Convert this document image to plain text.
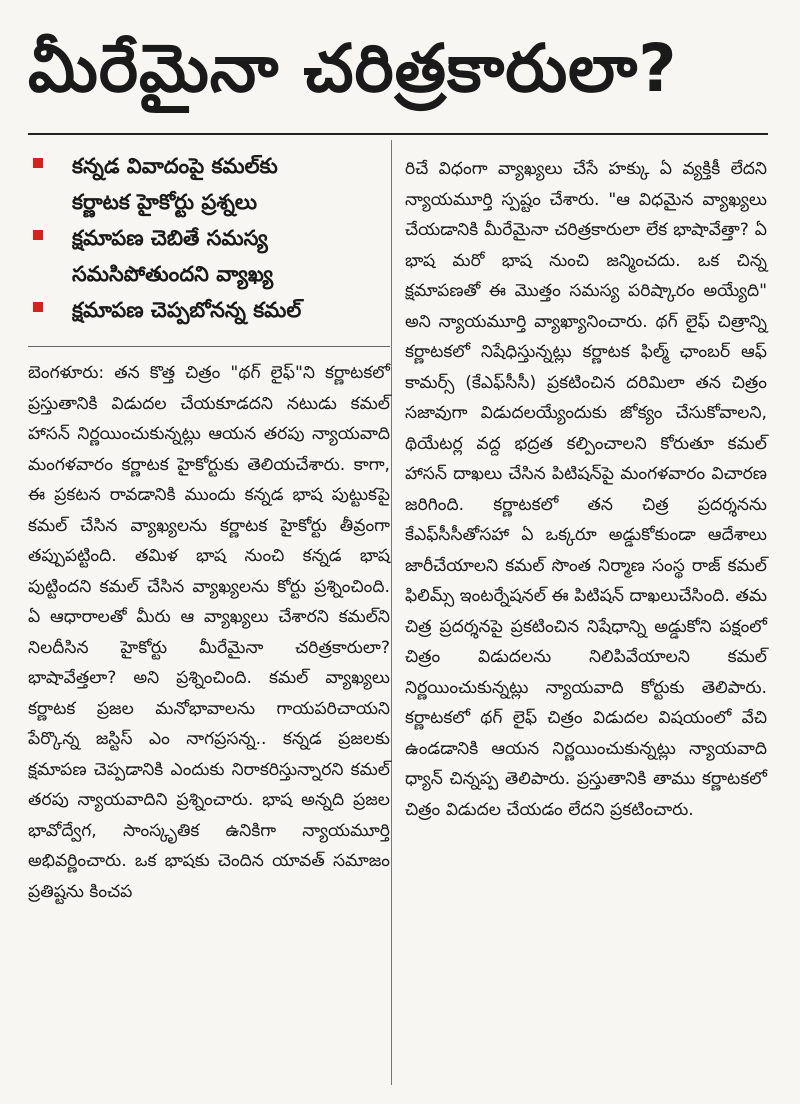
మీరేమైనా చరిత్రకారులా?
కన్నడ వివాదంపై కమల్‌కు
కర్ణాటక హైకోర్టు ప్రశ్నలు
క్షమాపణ చెబితే సమస్య
సమసిపోతుందని వ్యాఖ్య
క్షమాపణ చెప్పబోనన్న కమల్

బెంగళూరు: తన కొత్త చిత్రం "థగ్ లైఫ్"ని కర్ణాటకలో ప్రస్తుతానికి విడుదల చేయకూడదని నటుడు కమల్ హాసన్ నిర్ణయించుకున్నట్లు ఆయన తరపు న్యాయవాది మంగళవారం కర్ణాటక హైకోర్టుకు తెలియచేశారు. కాగా, ఈ ప్రకటన రావడానికి ముందు కన్నడ భాష పుట్టుకపై కమల్ చేసిన వ్యాఖ్యలను కర్ణాటక హైకోర్టు తీవ్రంగా తప్పుపట్టింది. తమిళ భాష నుంచి కన్నడ భాష పుట్టిందని కమల్ చేసిన వ్యాఖ్యలను కోర్టు ప్రశ్నించింది. ఏ ఆధారాలతో మీరు ఆ వ్యాఖ్యలు చేశారని కమల్‌ని నిలదీసిన హైకోర్టు మీరేమైనా చరిత్రకారులా? భాషావేత్తలా? అని ప్రశ్నించింది. కమల్ వ్యాఖ్యలు కర్ణాటక ప్రజల మనోభావాలను గాయపరిచాయని పేర్కొన్న జస్టిస్ ఎం నాగప్రసన్న.. కన్నడ ప్రజలకు క్షమాపణ చెప్పడానికి ఎందుకు నిరాకరిస్తున్నారని కమల్ తరపు న్యాయవాదిని ప్రశ్నించారు. భాష అన్నది ప్రజల భావోద్వేగ, సాంస్కృతిక ఉనికిగా న్యాయమూర్తి అభివర్ణించారు. ఒక భాషకు చెందిన యావత్ సమాజం ప్రతిష్టను కించప

రిచే విధంగా వ్యాఖ్యలు చేసే హక్కు ఏ వ్యక్తికీ లేదని న్యాయమూర్తి స్పష్టం చేశారు. "ఆ విధమైన వ్యాఖ్యలు చేయడానికి మీరేమైనా చరిత్రకారులా లేక భాషావేత్తా? ఏ భాష మరో భాష నుంచి జన్మించదు. ఒక చిన్న క్షమాపణతో ఈ మొత్తం సమస్య పరిష్కారం అయ్యేది" అని న్యాయమూర్తి వ్యాఖ్యానించారు. థగ్ లైఫ్ చిత్రాన్ని కర్ణాటకలో నిషేధిస్తున్నట్లు కర్ణాటక ఫిల్మ్ ఛాంబర్ ఆఫ్ కామర్స్ (కేఎఫ్‌సీసీ) ప్రకటించిన దరిమిలా తన చిత్రం సజావుగా విడుదలయ్యేందుకు జోక్యం చేసుకోవాలని, థియేటర్ల వద్ద భద్రత కల్పించాలని కోరుతూ కమల్ హాసన్ దాఖలు చేసిన పిటిషన్‌పై మంగళవారం విచారణ జరిగింది. కర్ణాటకలో తన చిత్ర ప్రదర్శనను కేఎఫ్‌సీసీతోసహా ఏ ఒక్కరూ అడ్డుకోకుండా ఆదేశాలు జారీచేయాలని కమల్ సొంత నిర్మాణ సంస్థ రాజ్ కమల్ ఫిలిమ్స్ ఇంటర్నేషనల్ ఈ పిటిషన్ దాఖలుచేసింది. తమ చిత్ర ప్రదర్శనపై ప్రకటించిన నిషేధాన్ని అడ్డుకోని పక్షంలో చిత్రం విడుదలను నిలిపివేయాలని కమల్ నిర్ణయించుకున్నట్లు న్యాయవాది కోర్టుకు తెలిపారు. కర్ణాటకలో థగ్ లైఫ్ చిత్రం విడుదల విషయంలో వేచి ఉండడానికి ఆయన నిర్ణయించుకున్నట్లు న్యాయవాది ధ్యాన్ చిన్నప్ప తెలిపారు. ప్రస్తుతానికి తాము కర్ణాటకలో చిత్రం విడుదల చేయడం లేదని ప్రకటించారు.
